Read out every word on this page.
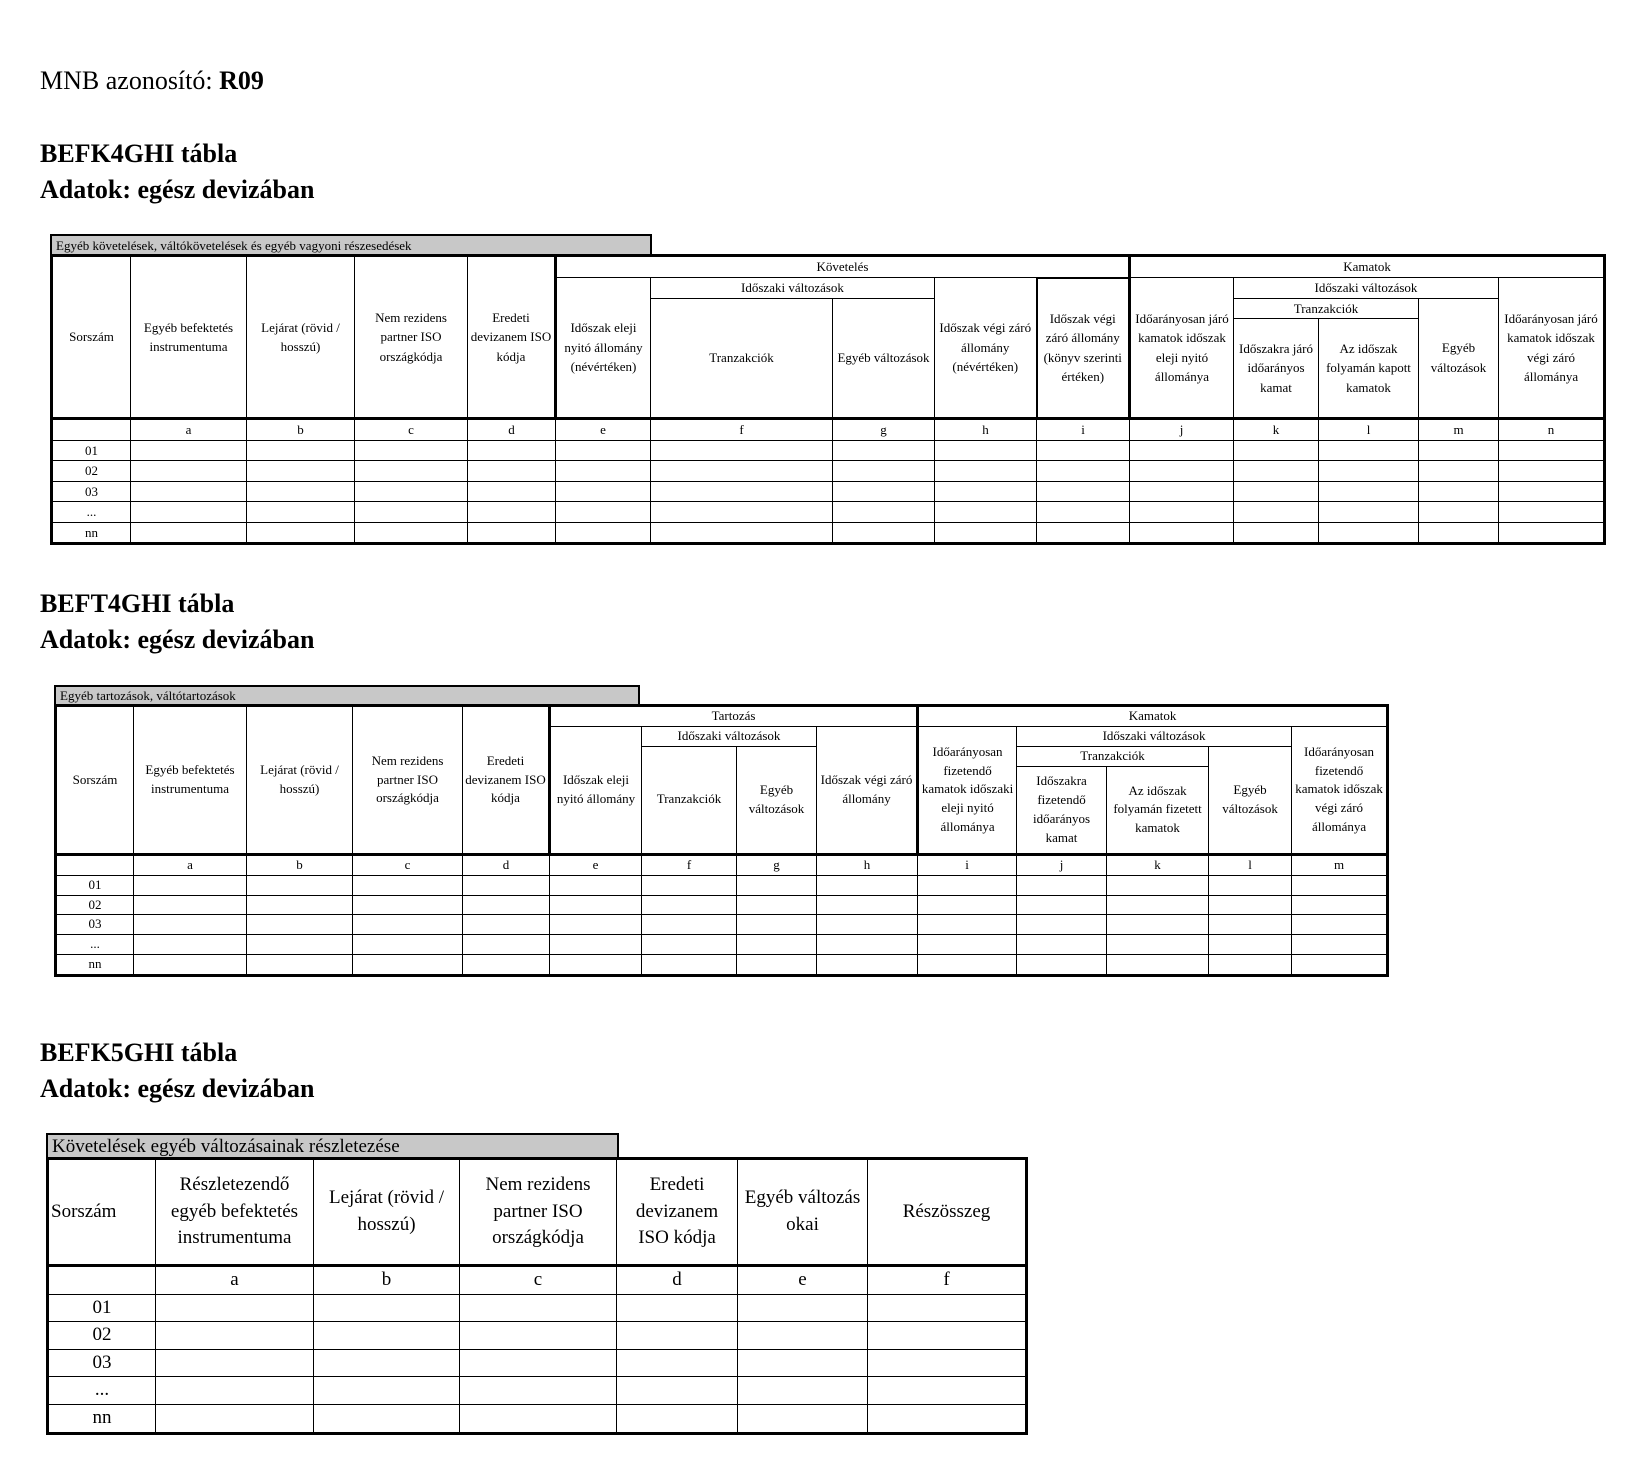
MNB azonosító: R09
BEFK4GHI tábla
Adatok: egész devizában
Egyéb követelések, váltókövetelések és egyéb vagyoni részesedések
Sorszám	Egyéb befektetés instrumentuma	Lejárat (rövid / hosszú)	Nem rezidens partner ISO országkódja	Eredeti devizanem ISO kódja	Követelés					Kamatok				
					Időszak eleji nyitó állomány (névértéken)	Időszaki változások		Időszak végi záró állomány (névértéken)	Időszak végi záró állomány (könyv szerinti értéken)	Időarányosan járó kamatok időszak eleji nyitó állománya	Időszaki változások			Időarányosan járó kamatok időszak végi záró állománya
						Tranzakciók	Egyéb változások				Tranzakciók		Egyéb változások	
											Időszakra járó időarányos kamat	Az időszak folyamán kapott kamatok		
	a	b	c	d	e	f	g	h	i	j	k	l	m	n
01														
02														
03														
...														
nn														
BEFT4GHI tábla
Adatok: egész devizában
Egyéb tartozások, váltótartozások
Sorszám	Egyéb befektetés instrumentuma	Lejárat (rövid / hosszú)	Nem rezidens partner ISO országkódja	Eredeti devizanem ISO kódja	Tartozás				Kamatok				
					Időszak eleji nyitó állomány	Időszaki változások		Időszak végi záró állomány	Időarányosan fizetendő kamatok időszaki eleji nyitó állománya	Időszaki változások			Időarányosan fizetendő kamatok időszak végi záró állománya
						Tranzakciók	Egyéb változások			Tranzakciók		Egyéb változások	
										Időszakra fizetendő időarányos kamat	Az időszak folyamán fizetett kamatok		
	a	b	c	d	e	f	g	h	i	j	k	l	m
01													
02													
03													
...													
nn													
BEFK5GHI tábla
Adatok: egész devizában
Követelések egyéb változásainak részletezése
Sorszám	Részletezendő egyéb befektetés instrumentuma	Lejárat (rövid / hosszú)	Nem rezidens partner ISO országkódja	Eredeti devizanem ISO kódja	Egyéb változás okai	Részösszeg
	a	b	c	d	e	f
01						
02						
03						
...						
nn						
